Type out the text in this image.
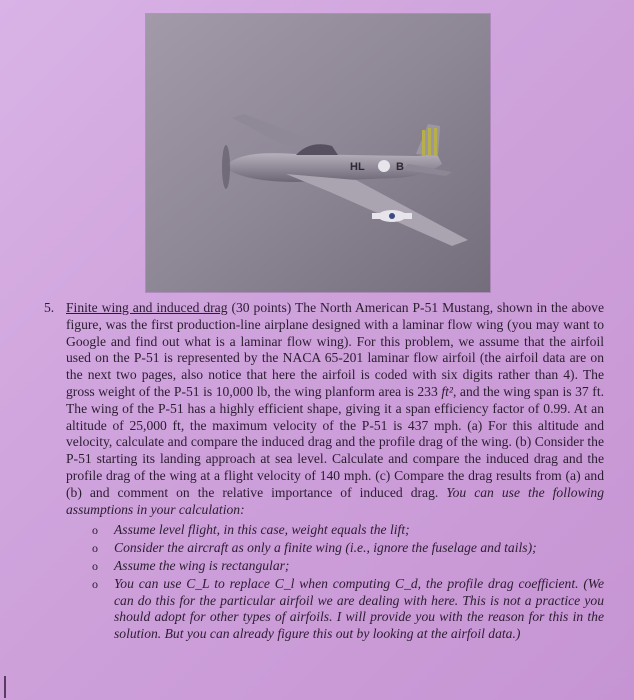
HL	B
5. Finite wing and induced drag (30 points) The North American P-51 Mustang, shown in the above figure, was the first production-line airplane designed with a laminar flow wing (you may want to Google and find out what is a laminar flow wing). For this problem, we assume that the airfoil used on the P-51 is represented by the NACA 65-201 laminar flow airfoil (the airfoil data are on the next two pages, also notice that here the airfoil is coded with six digits rather than 4). The gross weight of the P-51 is 10,000 lb, the wing planform area is 233 ft², and the wing span is 37 ft. The wing of the P-51 has a highly efficient shape, giving it a span efficiency factor of 0.99. At an altitude of 25,000 ft, the maximum velocity of the P-51 is 437 mph. (a) For this altitude and velocity, calculate and compare the induced drag and the profile drag of the wing. (b) Consider the P-51 starting its landing approach at sea level. Calculate and compare the induced drag and the profile drag of the wing at a flight velocity of 140 mph. (c) Compare the drag results from (a) and (b) and comment on the relative importance of induced drag. You can use the following assumptions in your calculation:
o Assume level flight, in this case, weight equals the lift;
o Consider the aircraft as only a finite wing (i.e., ignore the fuselage and tails);
o Assume the wing is rectangular;
o You can use C_L to replace C_l when computing C_d, the profile drag coefficient. (We can do this for the particular airfoil we are dealing with here. This is not a practice you should adopt for other types of airfoils. I will provide you with the reason for this in the solution. But you can already figure this out by looking at the airfoil data.)
